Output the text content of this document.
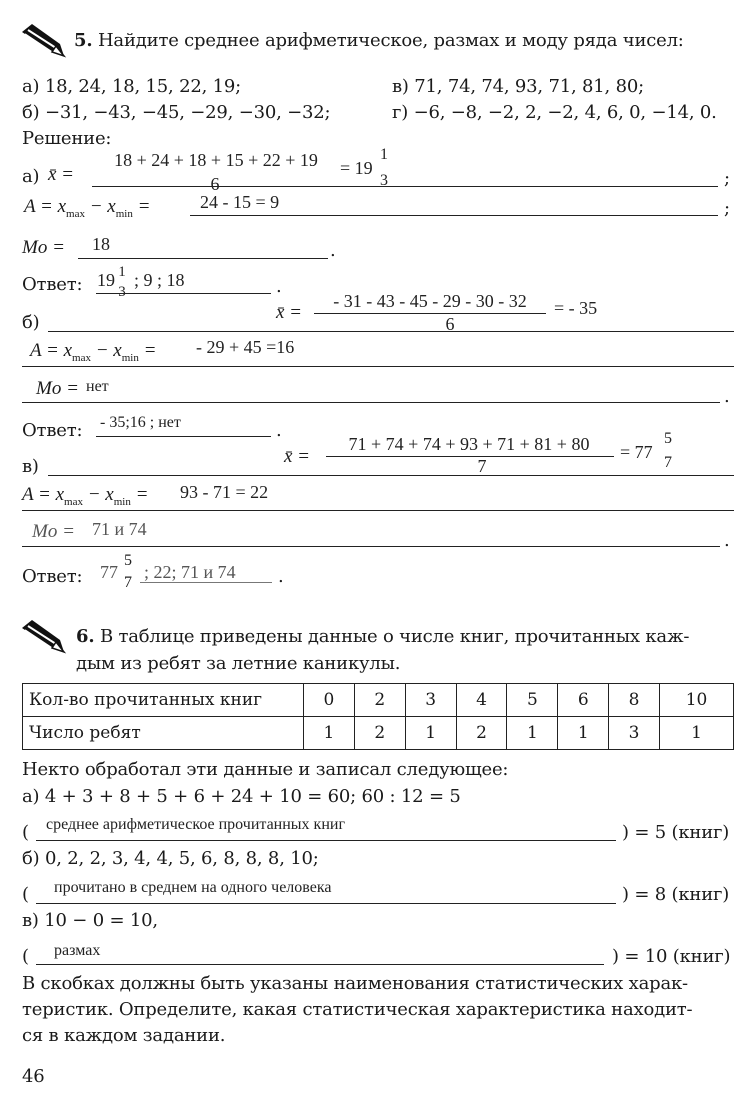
5. Найдите среднее арифметическое, размах и моду ряда чисел:
а) 18, 24, 18, 15, 22, 19;	в) 71, 74, 74, 93, 71, 81, 80;
б) −31, −43, −45, −29, −30, −32;	г) −6, −8, −2, 2, −2, 4, 6, 0, −14, 0.
Решение:
а) x̄ =
18 + 24 + 18 + 15 + 22 + 19
6
= 19
1
3	;
$A = x_{max} - x_{min}$ =	24 - 15 = 9	;
Mo = 18	.
Ответ: 19 1
3
; 9 ; 18	.
б)	x̄ =
- 31 - 43 - 45 - 29 - 30 - 32
6
= - 35
$A = x_{max} - x_{min}$ = - 29 + 45 =16
Mo = нет	.
Ответ: - 35;16 ; нет	.
в)	x̄ =
71 + 74 + 74 + 93 + 71 + 81 + 80
7
= 77
5
7
$A = x_{max} - x_{min} = 93 - 71 = 22$
Mo = 71 и 74
.
Ответ: 77
5
7
; 22; 71 и 74 .
6. В таблице приведены данные о числе книг, прочитанных каж-
дым из ребят за летние каникулы.
Кол-во прочитанных книг	0	2	3	4	5	6	8	10
Число ребят	1	2	1	2	1	1	3	1
Некто обработал эти данные и записал следующее:
а) 4 + 3 + 8 + 5 + 6 + 24 + 10 = 60; 60 : 12 = 5
( среднее арифметическое прочитанных книг	) = 5 (книг)
б) 0, 2, 2, 3, 4, 4, 5, 6, 8, 8, 8, 10;
( прочитано в среднем на одного человека	) = 8 (книг)
в) 10 − 0 = 10,
( размах	) = 10 (книг)
В скобках должны быть указаны наименования статистических харак-
теристик. Определите, какая статистическая характеристика находит-
ся в каждом задании.
46
